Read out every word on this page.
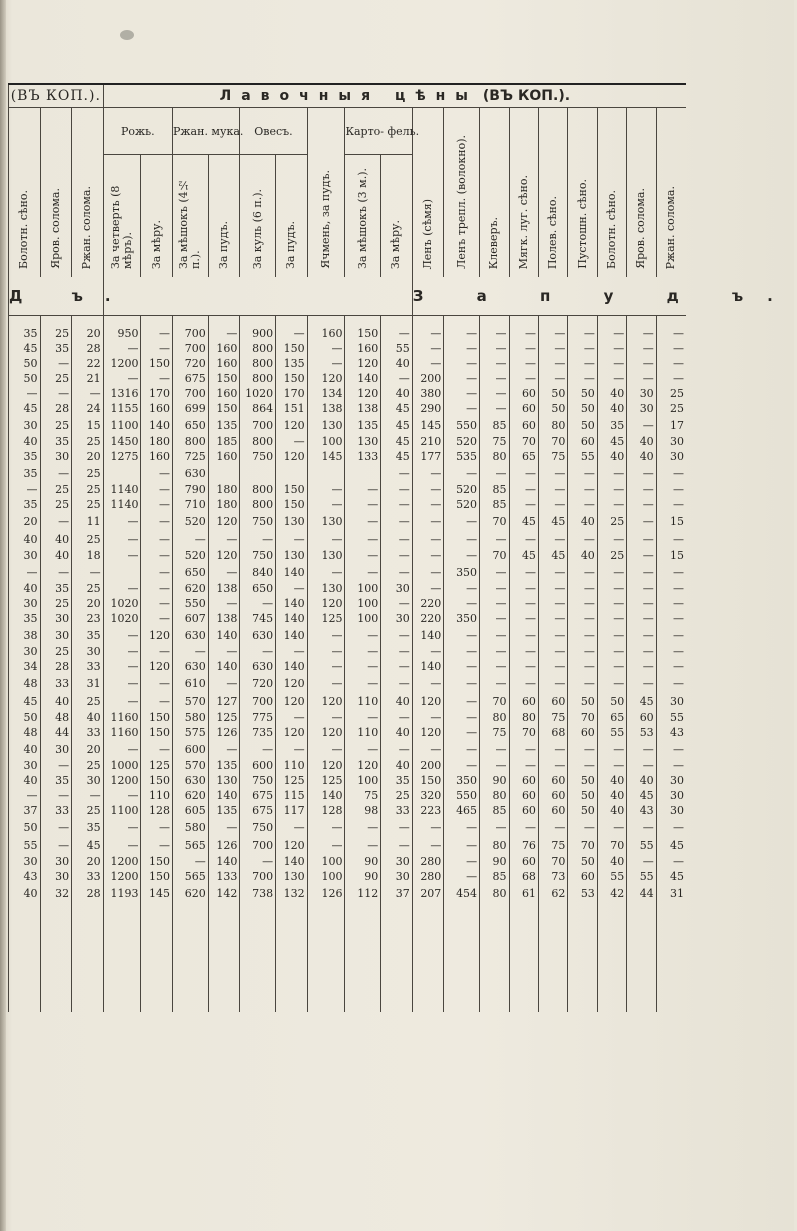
(ВЪ КОП.).			Лавочныя цѣны (ВЪ КОП.).																	
Болотн. сѣно.	Яров. солома.	Ржан. солома.	Рожь.		Ржан. мука.		Овесъ.		Ячмень, за пудъ.	Карто- фель.		Ленъ (сѣмя)	Ленъ трепл. (волокно).	Клеверъ.	Мягк. луг. сѣно.	Полев. сѣно.	Пустошн. сѣно.	Болотн. сѣно.	Яров. солома.	Ржан. солома.
			За четверть (8 мѣръ).	За мѣру.	За мѣшокъ (4½ п.).	За пудъ.	За куль (6 п.).	За пудъ.		За мѣшокъ (3 м.).	За мѣру.									
Д ъ.												З а п у д ъ.								

35	25	20	950	—	700	—	900	—	160	150	—	—	—	—	—	—	—	—	—	—
45	35	28	—	—	700	160	800	150	—	160	55	—	—	—	—	—	—	—	—	—
50	—	22	1200	150	720	160	800	135	—	120	40	—	—	—	—	—	—	—	—	—
50	25	21	—	—	675	150	800	150	120	140	—	200	—	—	—	—	—	—	—	—
—	—	—	1316	170	700	160	1020	170	134	120	40	380	—	—	60	50	50	40	30	25
45	28	24	1155	160	699	150	864	151	138	138	45	290	—	—	60	50	50	40	30	25
30	25	15	1100	140	650	135	700	120	130	135	45	145	550	85	60	80	50	35	—	17
40	35	25	1450	180	800	185	800	—	100	130	45	210	520	75	70	70	60	45	40	30
35	30	20	1275	160	725	160	750	120	145	133	45	177	535	80	65	75	55	40	40	30
35	—	25		—	630						—	—	—	—	—	—	—	—	—	—
—	25	25	1140	—	790	180	800	150	—	—	—	—	520	85	—	—	—	—	—	—
35	25	25	1140	—	710	180	800	150	—	—	—	—	520	85	—	—	—	—	—	—
20	—	11	—	—	520	120	750	130	130	—	—	—	—	70	45	45	40	25	—	15
40	40	25	—	—	—	—	—	—	—	—	—	—	—	—	—	—	—	—	—	—
30	40	18	—	—	520	120	750	130	130	—	—	—	—	70	45	45	40	25	—	15
—	—	—		—	650	—	840	140	—	—	—	—	350	—	—	—	—	—	—	—
40	35	25	—	—	620	138	650	—	130	100	30	—	—	—	—	—	—	—	—	—
30	25	20	1020	—	550	—	—	140	120	100	—	220	—	—	—	—	—	—	—	—
35	30	23	1020	—	607	138	745	140	125	100	30	220	350	—	—	—	—	—	—	—
38	30	35	—	120	630	140	630	140	—	—	—	140	—	—	—	—	—	—	—	—
30	25	30	—	—	—	—	—	—	—	—	—	—	—	—	—	—	—	—	—	—
34	28	33	—	120	630	140	630	140	—	—	—	140	—	—	—	—	—	—	—	—
48	33	31	—	—	610	—	720	120	—	—	—	—	—	—	—	—	—	—	—	—
45	40	25	—	—	570	127	700	120	120	110	40	120	—	70	60	60	50	50	45	30
50	48	40	1160	150	580	125	775	—	—	—	—	—	—	80	80	75	70	65	60	55
48	44	33	1160	150	575	126	735	120	120	110	40	120	—	75	70	68	60	55	53	43
40	30	20	—	—	600	—	—	—	—	—	—	—	—	—	—	—	—	—	—	—
30	—	25	1000	125	570	135	600	110	120	120	40	200	—	—	—	—	—	—	—	—
40	35	30	1200	150	630	130	750	125	125	100	35	150	350	90	60	60	50	40	40	30
—	—	—	—	110	620	140	675	115	140	75	25	320	550	80	60	60	50	40	45	30
37	33	25	1100	128	605	135	675	117	128	98	33	223	465	85	60	60	50	40	43	30
50	—	35	—	—	580	—	750	—	—	—	—	—	—	—	—	—	—	—	—	—
55	—	45	—	—	565	126	700	120	—	—	—	—	—	80	76	75	70	70	55	45
30	30	20	1200	150	—	140	—	140	100	90	30	280	—	90	60	70	50	40	—	—
43	30	33	1200	150	565	133	700	130	100	90	30	280	—	85	68	73	60	55	55	45
40	32	28	1193	145	620	142	738	132	126	112	37	207	454	80	61	62	53	42	44	31
